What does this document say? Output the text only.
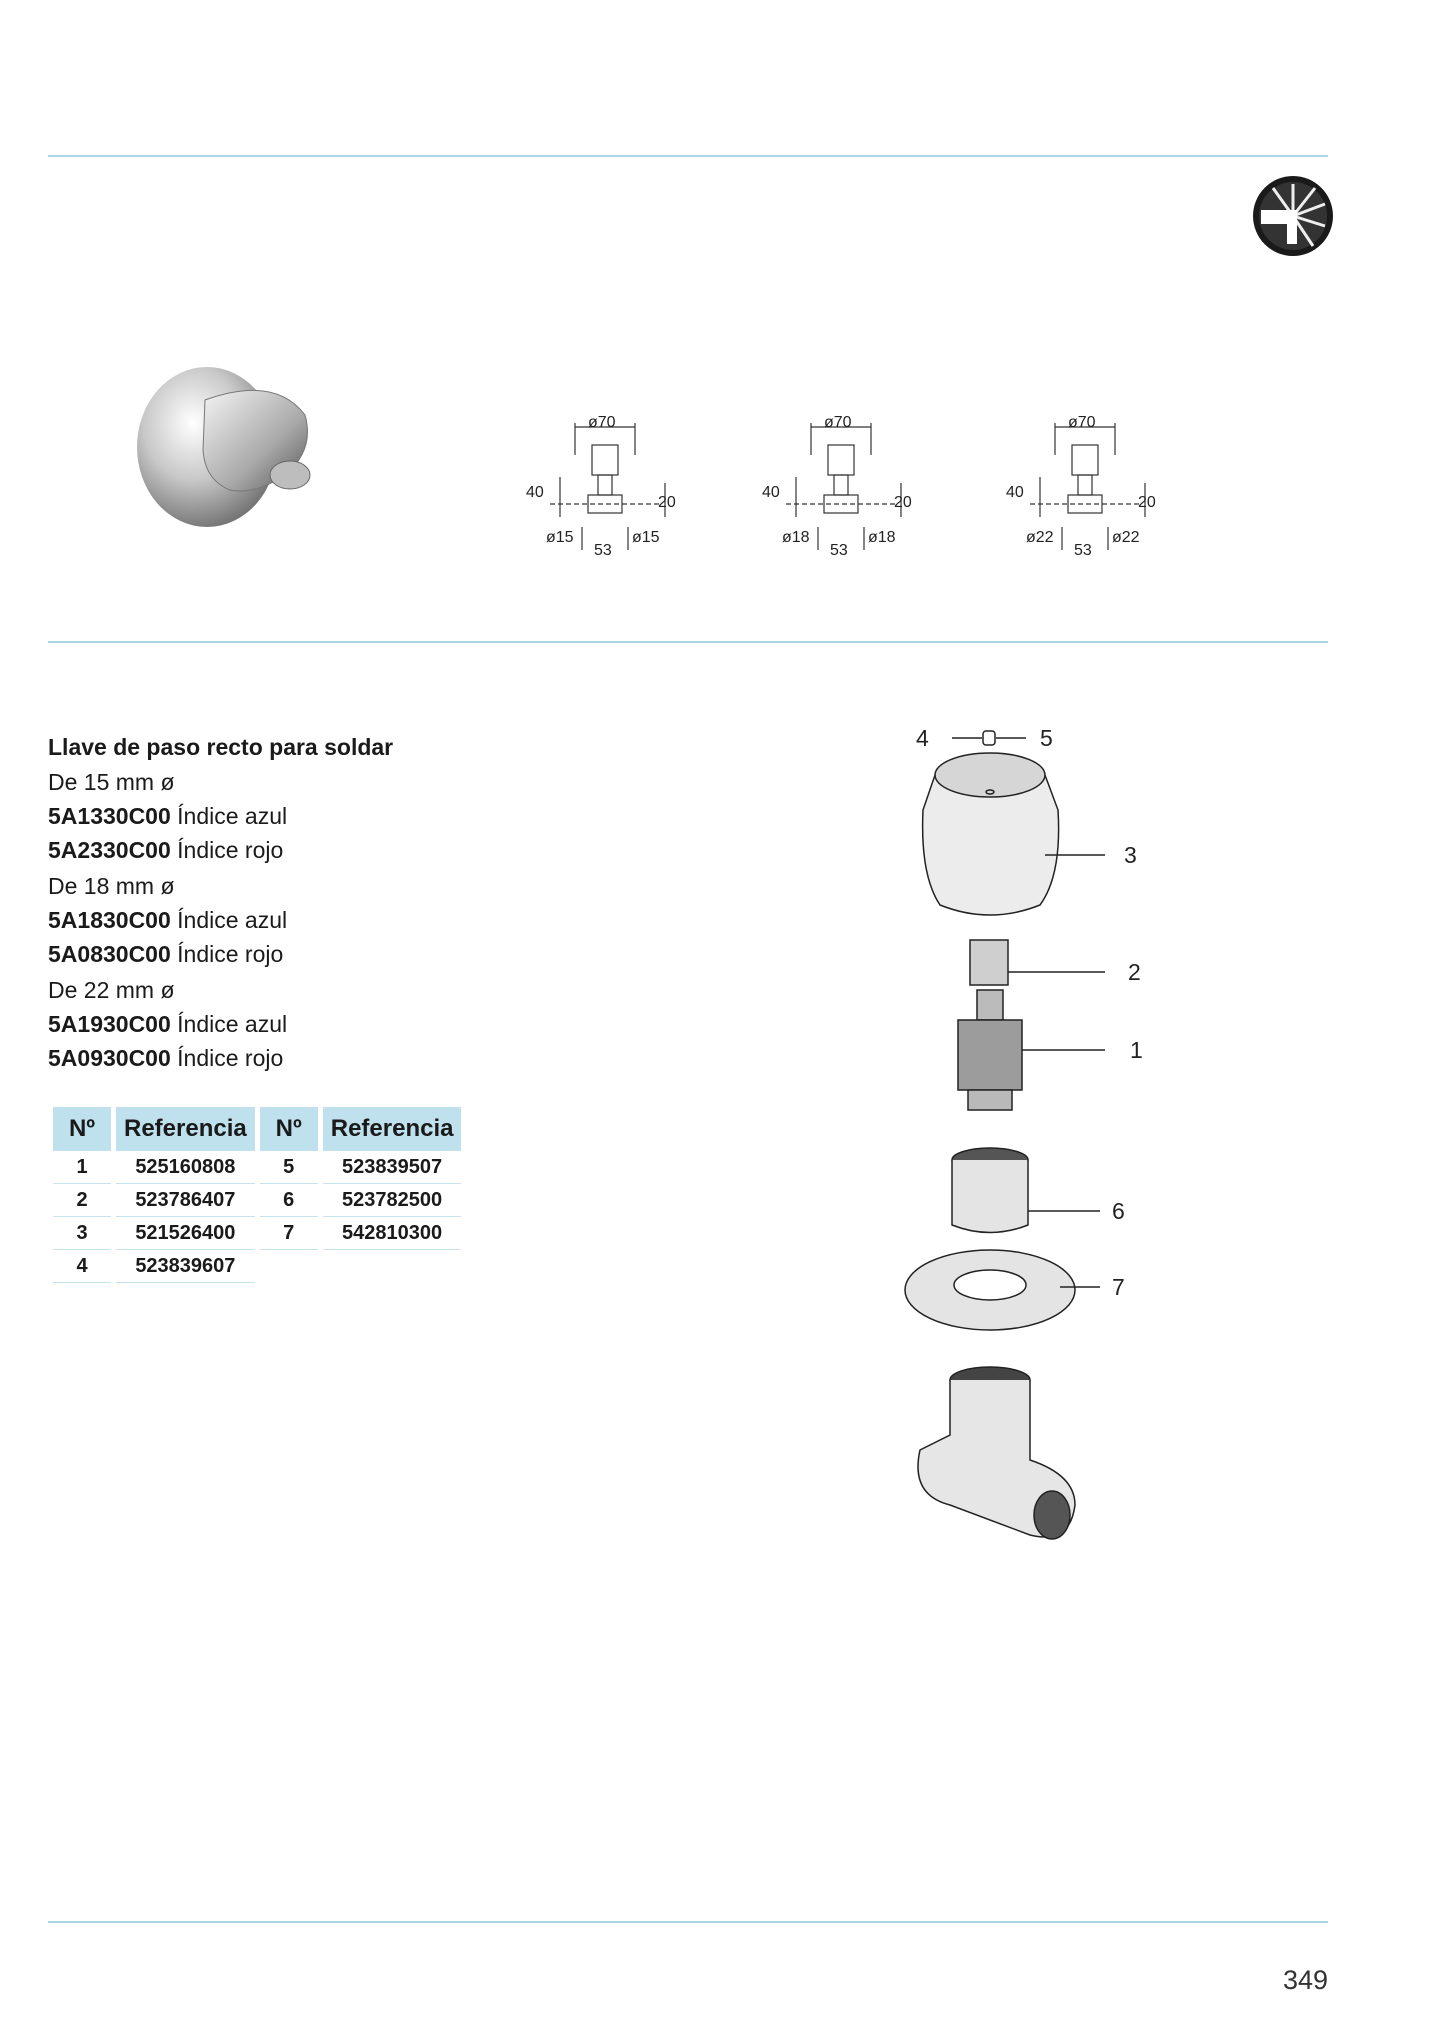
ø70
40
20
53
ø15	ø15
ø70
40
20
53
ø18	ø18
ø70
40
20
53
ø22	ø22
Llave de paso recto para soldar
De 15 mm ø
5A1330C00 Índice azul
5A2330C00 Índice rojo
De 18 mm ø
5A1830C00 Índice azul
5A0830C00 Índice rojo
De 22 mm ø
5A1930C00 Índice azul
5A0930C00 Índice rojo
Nº	Referencia	Nº	Referencia
1	525160808	5	523839507
2	523786407	6	523782500
3	521526400	7	542810300
4	523839607		
4	5
3
2
1
6
7
349
